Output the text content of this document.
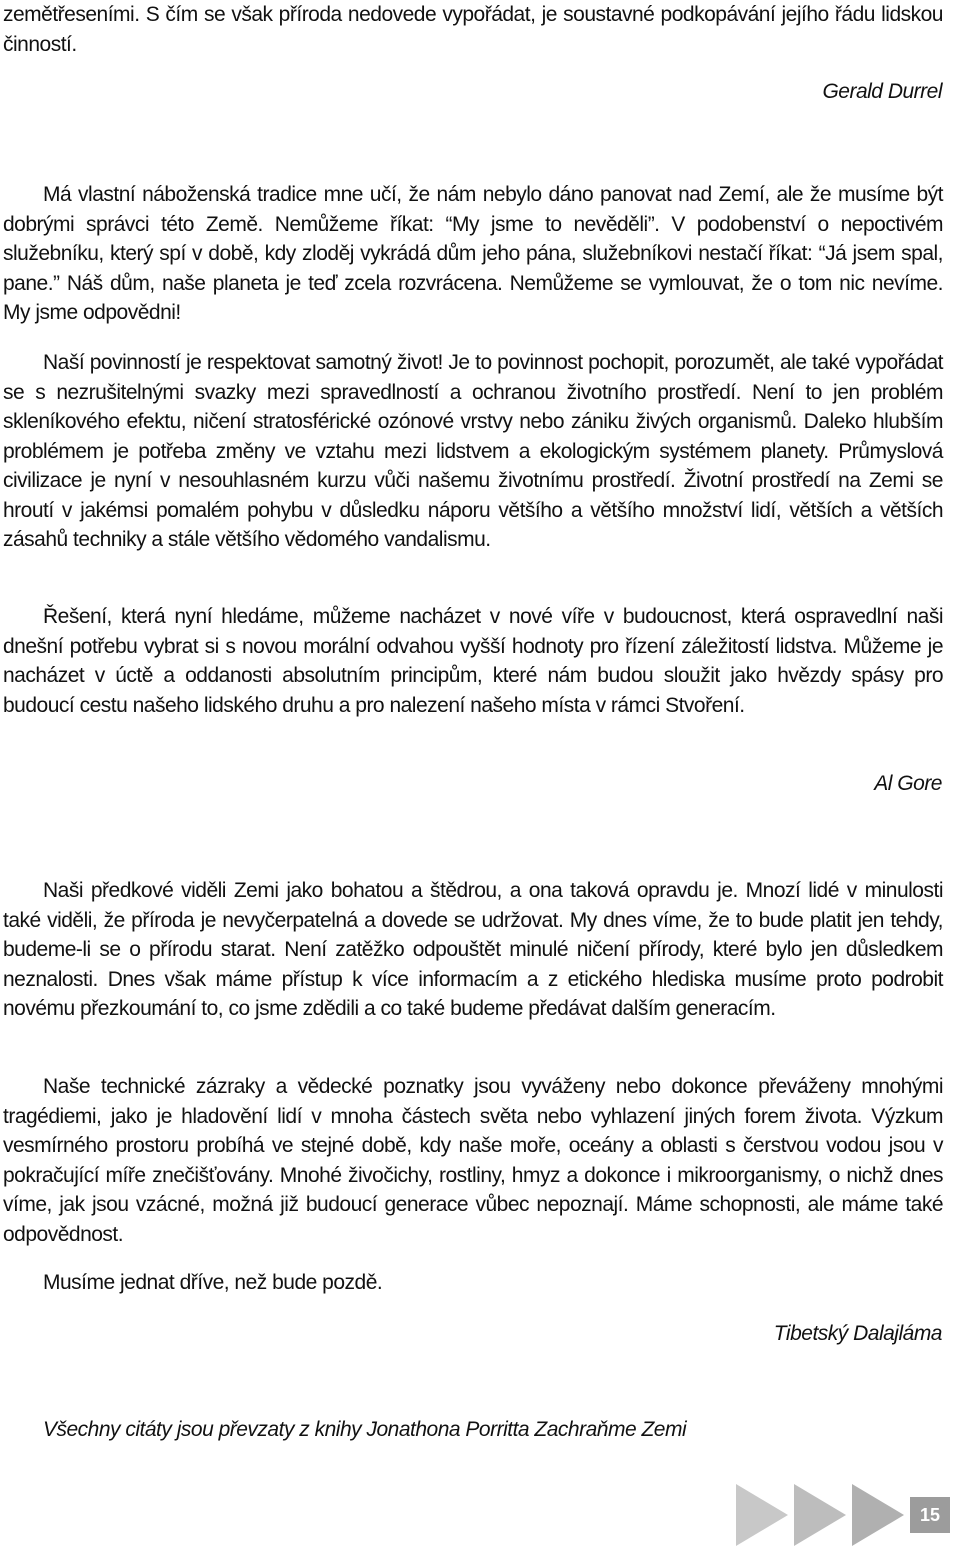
zemětřeseními. S čím se však příroda nedovede vypořádat, je soustavné podkopávání jejího řádu lidskou činností.

Gerald Durrel

Má vlastní náboženská tradice mne učí, že nám nebylo dáno panovat nad Zemí, ale že musíme být dobrými správci této Země. Nemůžeme říkat: “My jsme to nevěděli”. V podobenství o nepoctivém služebníku, který spí v době, kdy zloděj vykrádá dům jeho pána, služebníkovi nestačí říkat: “Já jsem spal, pane.” Náš dům, naše planeta je teď zcela rozvrácena. Nemůžeme se vymlouvat, že o tom nic nevíme. My jsme odpovědni!

Naší povinností je respektovat samotný život! Je to povinnost pochopit, porozumět, ale také vypořádat se s nezrušitelnými svazky mezi spravedlností a ochranou životního prostředí. Není to jen problém skleníkového efektu, ničení stratosférické ozónové vrstvy nebo zániku živých organismů. Daleko hlubším problémem je potřeba změny ve vztahu mezi lidstvem a ekologickým systémem planety. Průmyslová civilizace je nyní v nesouhlasném kurzu vůči našemu životnímu prostředí. Životní prostředí na Zemi se hroutí v jakémsi pomalém pohybu v důsledku náporu většího a většího množství lidí, větších a větších zásahů techniky a stále většího vědomého vandalismu.

Řešení, která nyní hledáme, můžeme nacházet v nové víře v budoucnost, která ospravedlní naši dnešní potřebu vybrat si s novou morální odvahou vyšší hodnoty pro řízení záležitostí lidstva. Můžeme je nacházet v úctě a oddanosti absolutním principům, které nám budou sloužit jako hvězdy spásy pro budoucí cestu našeho lidského druhu a pro nalezení našeho místa v rámci Stvoření.

Al Gore

Naši předkové viděli Zemi jako bohatou a štědrou, a ona taková opravdu je. Mnozí lidé v minulosti také viděli, že příroda je nevyčerpatelná a dovede se udržovat. My dnes víme, že to bude platit jen tehdy, budeme-li se o přírodu starat. Není zatěžko odpouštět minulé ničení přírody, které bylo jen důsledkem neznalosti. Dnes však máme přístup k více informacím a z etického hlediska musíme proto podrobit novému přezkoumání to, co jsme zdědili a co také budeme předávat dalším generacím.

Naše technické zázraky a vědecké poznatky jsou vyváženy nebo dokonce převáženy mnohými tragédiemi, jako je hladovění lidí v mnoha částech světa nebo vyhlazení jiných forem života. Výzkum vesmírného prostoru probíhá ve stejné době, kdy naše moře, oceány a oblasti s čerstvou vodou jsou v pokračující míře znečišťovány. Mnohé živočichy, rostliny, hmyz a dokonce i mikroorganismy, o nichž dnes víme, jak jsou vzácné, možná již budoucí generace vůbec nepoznají. Máme schopnosti, ale máme také odpovědnost.

Musíme jednat dříve, než bude pozdě.

Tibetský Dalajláma

Všechny citáty jsou převzaty z knihy Jonathona Porritta Zachraňme Zemi

15
